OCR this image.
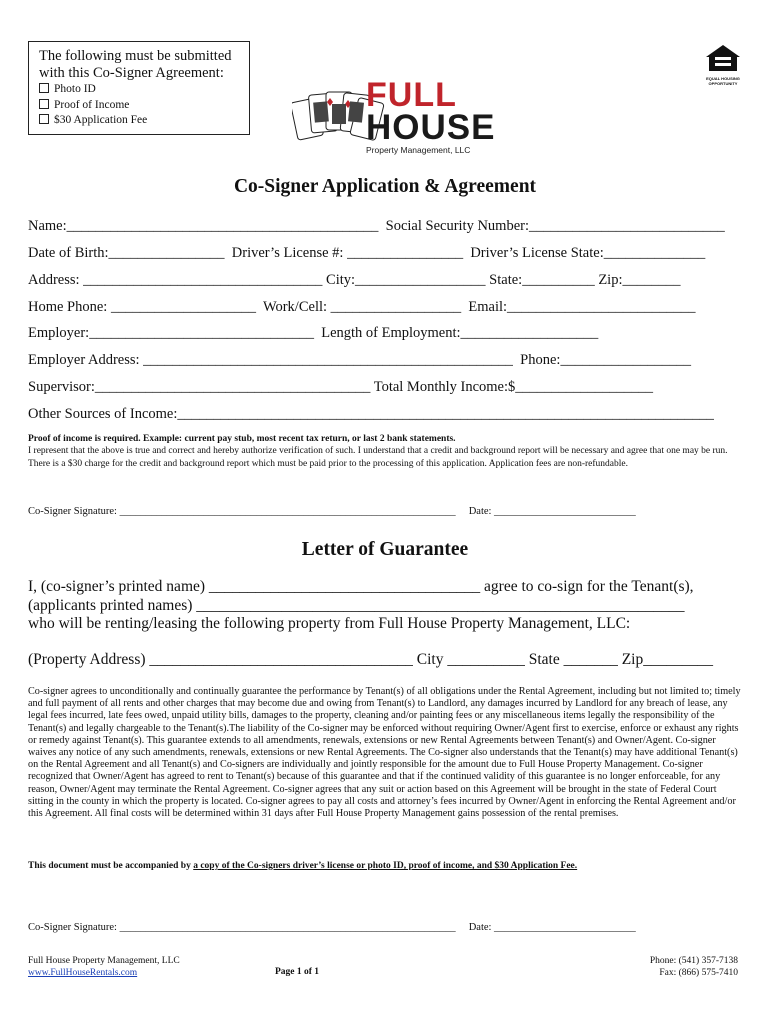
The following must be submitted with this Co-Signer Agreement:
Photo ID
Proof of Income
$30 Application Fee
FULL
HOUSE
Property Management, LLC
EQUAL HOUSING OPPORTUNITY
Co-Signer Application & Agreement
Name:___________________________________________  Social Security Number:___________________________
Date of Birth:________________  Driver’s License #: ________________  Driver’s License State:______________
Address: _________________________________ City:__________________ State:__________ Zip:________
Home Phone: ____________________  Work/Cell: __________________  Email:__________________________
Employer:_______________________________  Length of Employment:___________________
Employer Address: ___________________________________________________  Phone:__________________
Supervisor:______________________________________ Total Monthly Income:$___________________
Other Sources of Income:__________________________________________________________________________
Proof of income is required. Example: current pay stub, most recent tax return, or last 2 bank statements.
I represent that the above is true and correct and hereby authorize verification of such. I understand that a credit and background report will be necessary and agree that one may be run. There is a $30 charge for the credit and background report which must be paid prior to the processing of this application. Application fees are non-refundable.
Co-Signer Signature: ________________________________________________________________     Date: ___________________________
Letter of Guarantee
I, (co-signer’s printed name) ___________________________________ agree to co-sign for the Tenant(s),
(applicants printed names) _______________________________________________________________
who will be renting/leasing the following property from Full House Property Management, LLC:
(Property Address) __________________________________ City __________ State _______ Zip_________
Co-signer agrees to unconditionally and continually guarantee the performance by Tenant(s) of all obligations under the Rental Agreement, including but not limited to; timely and full payment of all rents and other charges that may become due and owing from Tenant(s) to Landlord, any damages incurred by Landlord for any breach of lease, any legal fees incurred, late fees owed, unpaid utility bills, damages to the property, cleaning and/or painting fees or any miscellaneous items legally the responsibility of the Tenant(s) and legally chargeable to the Tenant(s).The liability of the Co-signer may be enforced without requiring Owner/Agent first to exercise, enforce or exhaust any rights or remedy against Tenant(s). This guarantee extends to all amendments, renewals, extensions or new Rental Agreements between Tenant(s) and Owner/Agent. Co-signer waives any notice of any such amendments, renewals, extensions or new Rental Agreements. The Co-signer also understands that the Tenant(s) may have additional Tenant(s) on the Rental Agreement and all Tenant(s) and Co-signers are individually and jointly responsible for the amount due to Full House Property Management. Co-signer recognized that Owner/Agent has agreed to rent to Tenant(s) because of this guarantee and that if the continued validity of this guarantee is no longer enforceable, for any reason, Owner/Agent may terminate the Rental Agreement. Co-signer agrees that any suit or action based on this Agreement will be brought in the state of Federal Court sitting in the county in which the property is located. Co-signer agrees to pay all costs and attorney’s fees incurred by Owner/Agent in enforcing the Rental Agreement and/or this Agreement. All final costs will be determined within 31 days after Full House Property Management gains possession of the rental premises.
This document must be accompanied by a copy of the Co-signers driver’s license or photo ID, proof of income, and $30 Application Fee.
Co-Signer Signature: ________________________________________________________________     Date: ___________________________
Full House Property Management, LLC
www.FullHouseRentals.com	Page 1 of 1
Phone: (541) 357-7138
Fax: (866) 575-7410
